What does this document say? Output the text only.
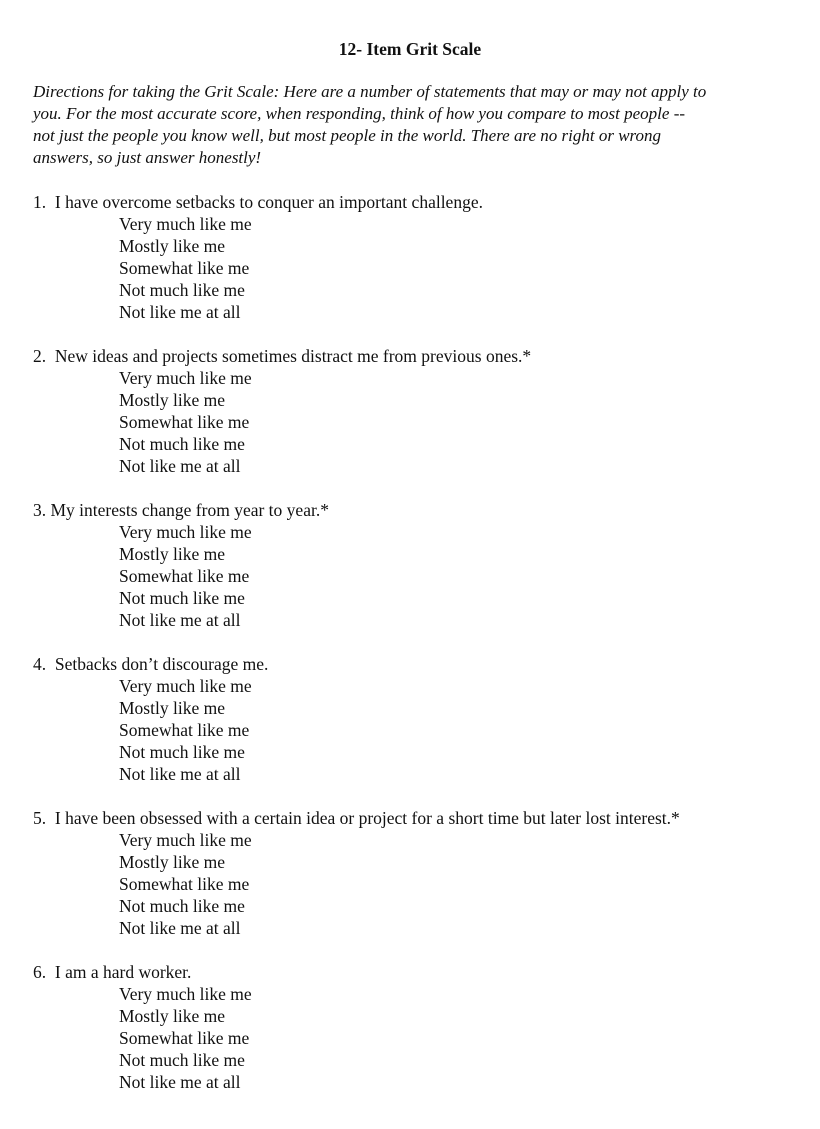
12- Item Grit Scale
Directions for taking the Grit Scale: Here are a number of statements that may or may not apply to
you. For the most accurate score, when responding, think of how you compare to most people --
not just the people you know well, but most people in the world. There are no right or wrong
answers, so just answer honestly!
1. I have overcome setbacks to conquer an important challenge.
Very much like me
Mostly like me
Somewhat like me
Not much like me
Not like me at all
2. New ideas and projects sometimes distract me from previous ones.*
Very much like me
Mostly like me
Somewhat like me
Not much like me
Not like me at all
3. My interests change from year to year.*
Very much like me
Mostly like me
Somewhat like me
Not much like me
Not like me at all
4. Setbacks don’t discourage me.
Very much like me
Mostly like me
Somewhat like me
Not much like me
Not like me at all
5. I have been obsessed with a certain idea or project for a short time but later lost interest.*
Very much like me
Mostly like me
Somewhat like me
Not much like me
Not like me at all
6. I am a hard worker.
Very much like me
Mostly like me
Somewhat like me
Not much like me
Not like me at all
